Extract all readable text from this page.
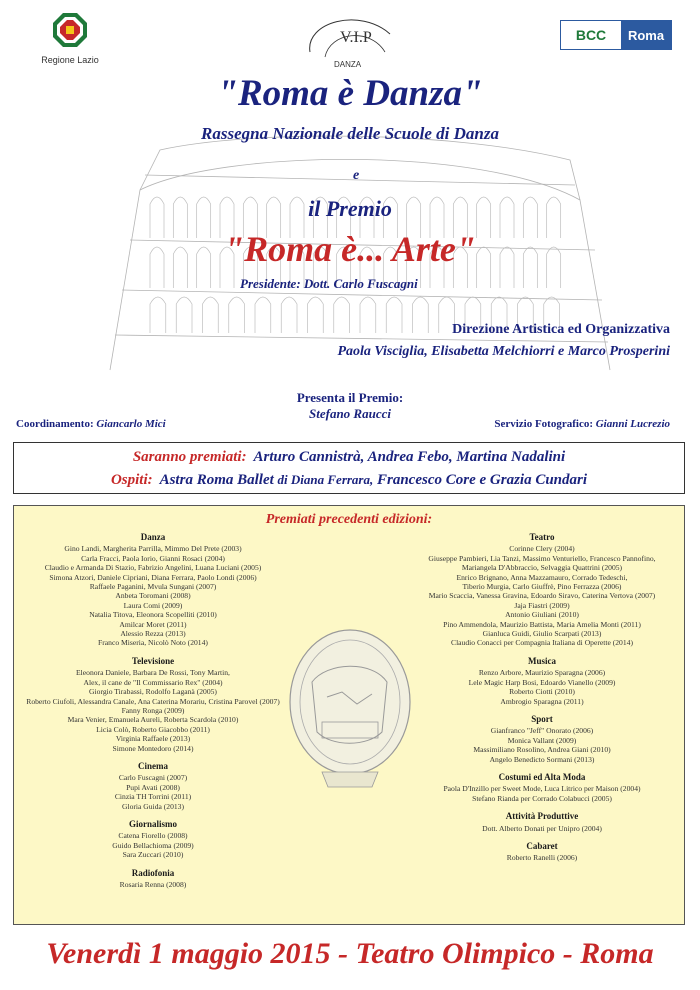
Regione Lazio
V.I.P
DANZA
BCC	Roma
"Roma è Danza"
Rassegna Nazionale delle Scuole di Danza
e
il Premio
"Roma è... Arte"
Presidente: Dott. Carlo Fuscagni
Direzione Artistica ed Organizzativa
Paola Visciglia, Elisabetta Melchiorri e Marco Prosperini
Presenta il Premio:
Stefano Raucci
Coordinamento: Giancarlo Mici	Servizio Fotografico: Gianni Lucrezio
Saranno premiati: Arturo Cannistrà, Andrea Febo, Martina Nadalini
Ospiti: Astra Roma Ballet di Diana Ferrara, Francesco Core e Grazia Cundari
Premiati precedenti edizioni:
Danza
Gino Landi, Margherita Parrilla, Mimmo Del Prete (2003)
Carla Fracci, Paola Iorio, Gianni Rosaci (2004)
Claudio e Armanda Di Stazio, Fabrizio Angelini, Luana Luciani (2005)
Simona Atzori, Daniele Cipriani, Diana Ferrara, Paolo Londi (2006)
Raffaele Paganini, Mvula Sungani (2007)
Anbeta Toromani (2008)
Laura Comi (2009)
Natalia Titova, Eleonora Scopelliti (2010)
Amilcar Moret (2011)
Alessio Rezza (2013)
Franco Miseria, Nicolò Noto (2014)
Televisione
Eleonora Daniele, Barbara De Rossi, Tony Martin,
Alex, il cane de "Il Commissario Rex" (2004)
Giorgio Tirabassi, Rodolfo Laganà (2005)
Roberto Ciufoli, Alessandra Canale, Ana Caterina Morariu, Cristina Parovel (2007)
Fanny Ronga (2009)
Mara Venier, Emanuela Aureli, Roberta Scardola (2010)
Licia Colò, Roberto Giacobbo (2011)
Virginia Raffaele (2013)
Simone Montedoro (2014)
Cinema
Carlo Fuscagni (2007)
Pupi Avati (2008)
Cinzia TH Torrini (2011)
Gloria Guida (2013)
Giornalismo
Catena Fiorello (2008)
Guido Bellachioma (2009)
Sara Zuccari (2010)
Radiofonia
Rosaria Renna (2008)
Teatro
Corinne Clery (2004)
Giuseppe Pambieri, Lia Tanzi, Massimo Venturiello, Francesco Pannofino,
Mariangela D'Abbraccio, Selvaggia Quattrini (2005)
Enrico Brignano, Anna Mazzamauro, Corrado Tedeschi,
Tiberio Murgia, Carlo Giuffrè, Pino Ferrazza (2006)
Mario Scaccia, Vanessa Gravina, Edoardo Siravo, Caterina Vertova (2007)
Jaja Fiastri (2009)
Antonio Giuliani (2010)
Pino Ammendola, Maurizio Battista, Maria Amelia Monti (2011)
Gianluca Guidi, Giulio Scarpati (2013)
Claudio Conacci per Compagnia Italiana di Operette (2014)
Musica
Renzo Arbore, Maurizio Sparagna (2006)
Lele Magic Harp Bosi, Edoardo Vianello (2009)
Roberto Ciotti (2010)
Ambrogio Sparagna (2011)
Sport
Gianfranco "Jeff" Onorato (2006)
Monica Vallant (2009)
Massimiliano Rosolino, Andrea Giani (2010)
Angelo Benedicto Sormani (2013)
Costumi ed Alta Moda
Paola D'Inzillo per Sweet Mode, Luca Litrico per Maison (2004)
Stefano Rianda per Corrado Colabucci (2005)
Attività Produttive
Dott. Alberto Donati per Unipro (2004)
Cabaret
Roberto Ranelli (2006)
Venerdì 1 maggio 2015 - Teatro Olimpico - Roma
